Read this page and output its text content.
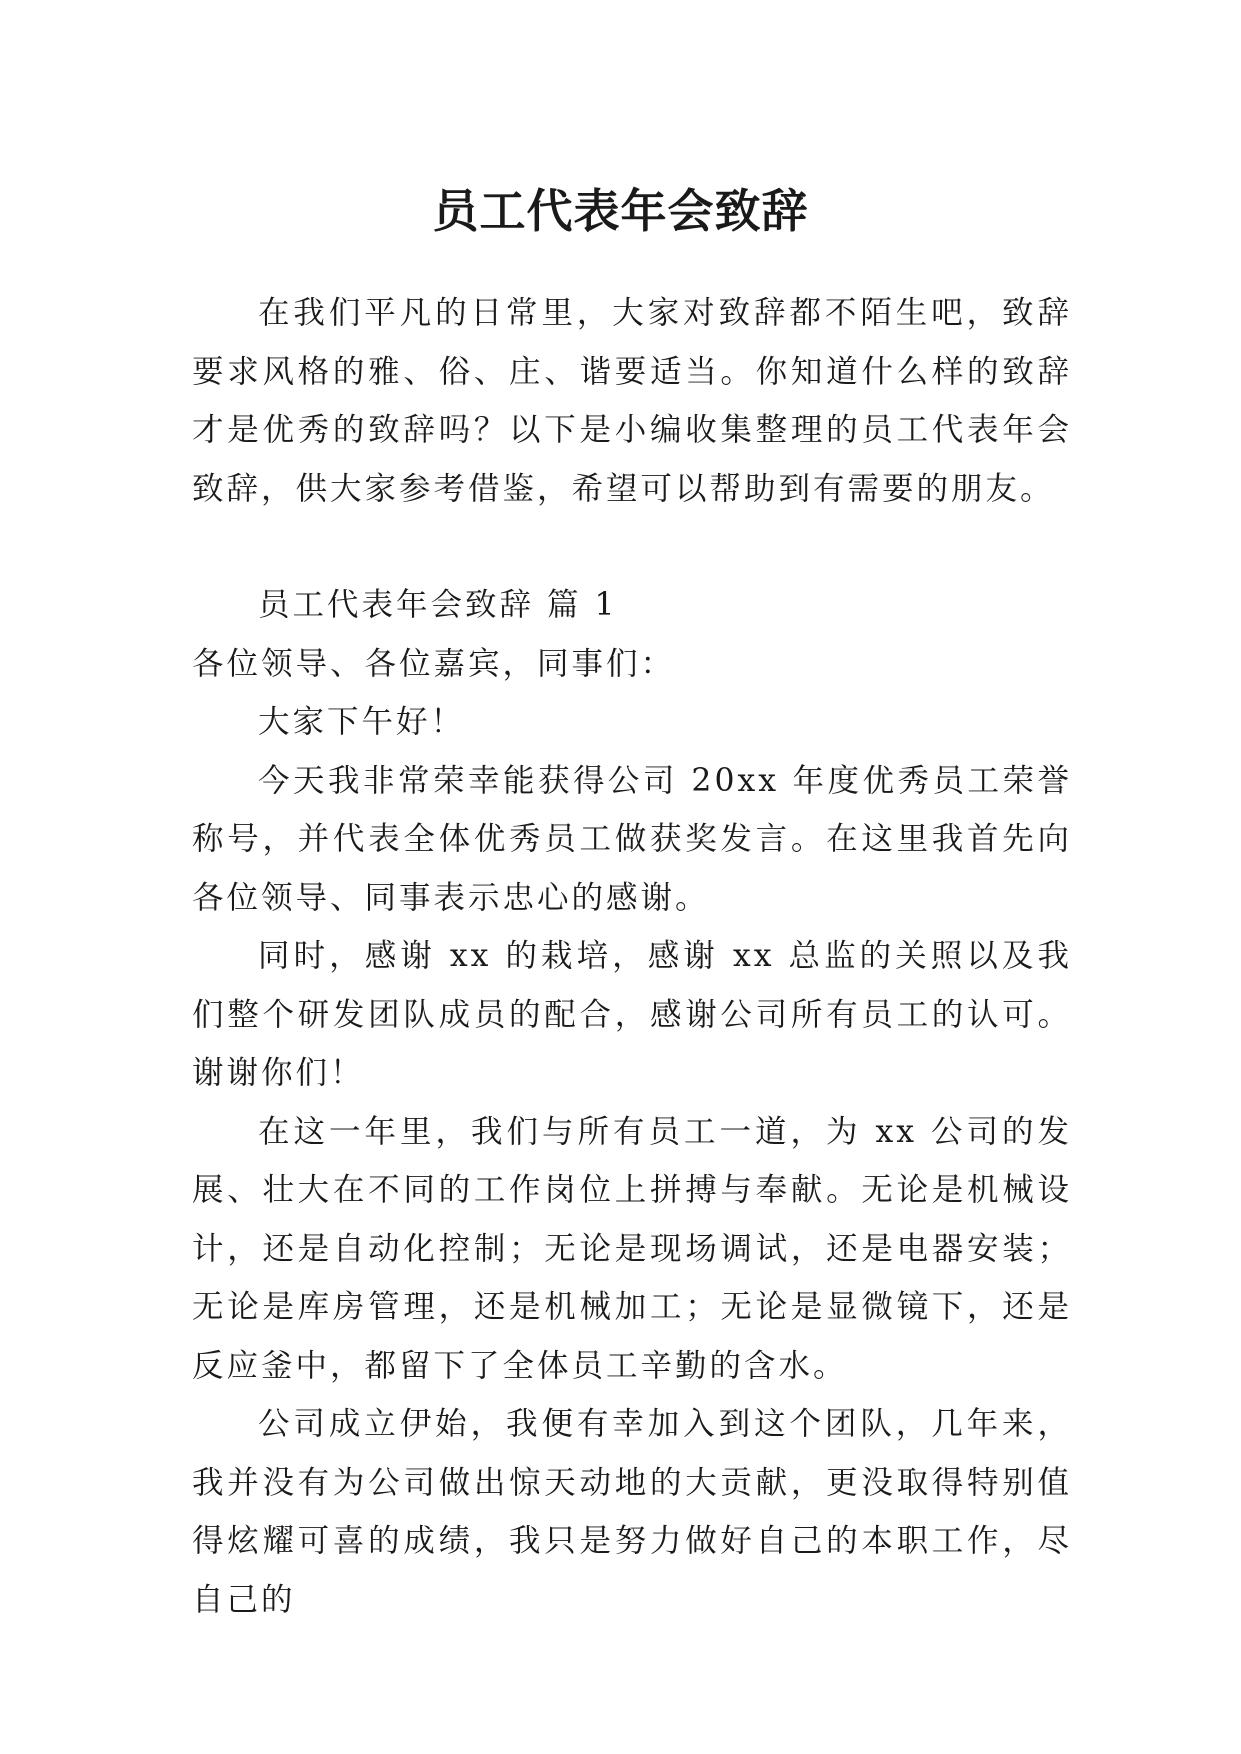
员工代表年会致辞

在我们平凡的日常里，大家对致辞都不陌生吧，致辞要求风格的雅、俗、庄、谐要适当。你知道什么样的致辞才是优秀的致辞吗？以下是小编收集整理的员工代表年会致辞，供大家参考借鉴，希望可以帮助到有需要的朋友。

员工代表年会致辞 篇 1

各位领导、各位嘉宾，同事们：

大家下午好！

今天我非常荣幸能获得公司 20xx 年度优秀员工荣誉称号，并代表全体优秀员工做获奖发言。在这里我首先向各位领导、同事表示忠心的感谢。

同时，感谢 xx 的栽培，感谢 xx 总监的关照以及我们整个研发团队成员的配合，感谢公司所有员工的认可。谢谢你们！

在这一年里，我们与所有员工一道，为 xx 公司的发展、壮大在不同的工作岗位上拼搏与奉献。无论是机械设计，还是自动化控制；无论是现场调试，还是电器安装；无论是库房管理，还是机械加工；无论是显微镜下，还是反应釜中，都留下了全体员工辛勤的含水。

公司成立伊始，我便有幸加入到这个团队，几年来，我并没有为公司做出惊天动地的大贡献，更没取得特别值得炫耀可喜的成绩，我只是努力做好自己的本职工作，尽自己的
